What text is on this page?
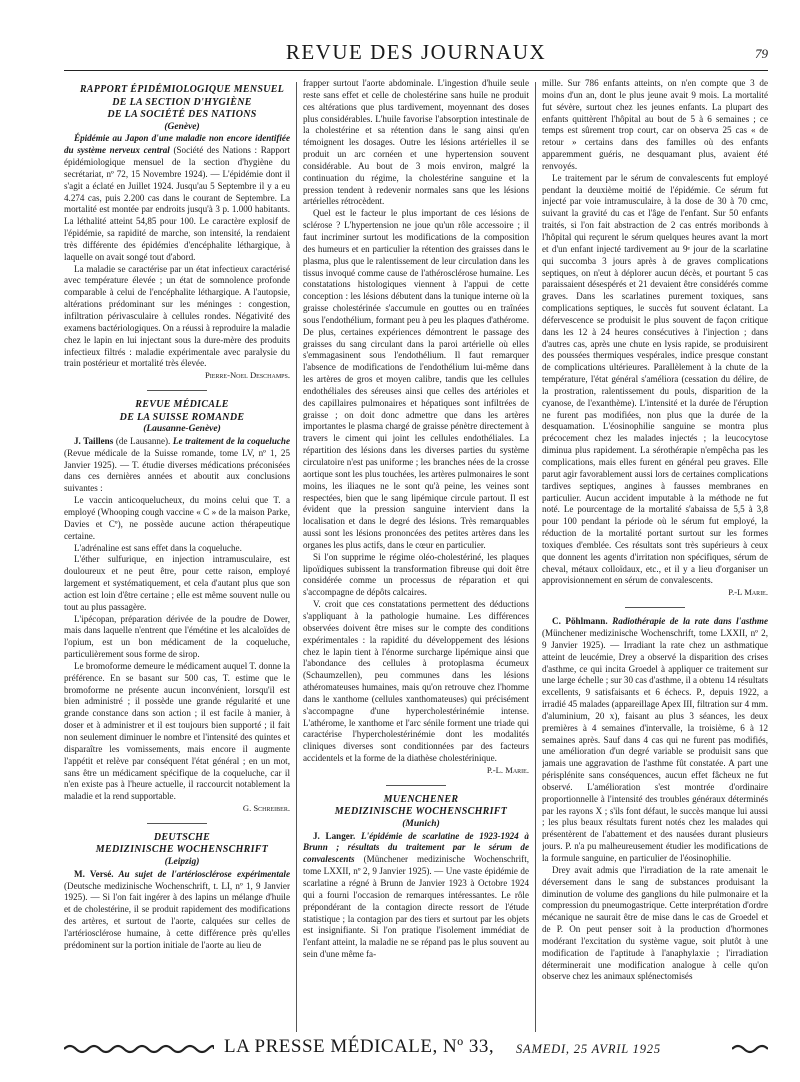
REVUE DES JOURNAUX	79

RAPPORT ÉPIDÉMIOLOGIQUE MENSUEL

DE LA SECTION D'HYGIÈNE

DE LA SOCIÉTÉ DES NATIONS

(Genève)

Épidémie au Japon d'une maladie non encore identifiée du système nerveux central (Société des Nations : Rapport épidémiologique mensuel de la section d'hygiène du secrétariat, nº 72, 15 Novembre 1924). — L'épidémie dont il s'agit a éclaté en Juillet 1924. Jusqu'au 5 Septembre il y a eu 4.274 cas, puis 2.200 cas dans le courant de Septembre. La mortalité est montée par endroits jusqu'à 3 p. 1.000 habitants. La léthalité atteint 54,85 pour 100. Le caractère explosif de l'épidémie, sa rapidité de marche, son intensité, la rendaient très différente des épidémies d'encéphalite léthargique, à laquelle on avait songé tout d'abord.

La maladie se caractérise par un état infectieux caractérisé avec température élevée ; un état de somnolence profonde comparable à celui de l'encéphalite léthargique. A l'autopsie, altérations prédominant sur les méninges : congestion, infiltration périvasculaire à cellules rondes. Négativité des examens bactériologiques. On a réussi à reproduire la maladie chez le lapin en lui injectant sous la dure-mère des produits infectieux filtrés : maladie expérimentale avec paralysie du train postérieur et mortalité très élevée.

Pierre-Noel Deschamps.

REVUE MÉDICALE

DE LA SUISSE ROMANDE

(Lausanne-Genève)

J. Taillens (de Lausanne). Le traitement de la coqueluche (Revue médicale de la Suisse romande, tome LV, nº 1, 25 Janvier 1925). — T. étudie diverses médications préconisées dans ces dernières années et aboutit aux conclusions suivantes :

Le vaccin anticoquelucheux, du moins celui que T. a employé (Whooping cough vaccine « C » de la maison Parke, Davies et Cº), ne possède aucune action thérapeutique certaine.

L'adrénaline est sans effet dans la coqueluche.

L'éther sulfurique, en injection intramusculaire, est douloureux et ne peut être, pour cette raison, employé largement et systématiquement, et cela d'autant plus que son action est loin d'être certaine ; elle est même souvent nulle ou tout au plus passagère.

L'ipécopan, préparation dérivée de la poudre de Dower, mais dans laquelle n'entrent que l'émétine et les alcaloïdes de l'opium, est un bon médicament de la coqueluche, particulièrement sous forme de sirop.

Le bromoforme demeure le médicament auquel T. donne la préférence. En se basant sur 500 cas, T. estime que le bromoforme ne présente aucun inconvénient, lorsqu'il est bien administré ; il possède une grande régularité et une grande constance dans son action ; il est facile à manier, à doser et à administrer et il est toujours bien supporté ; il fait non seulement diminuer le nombre et l'intensité des quintes et disparaître les vomissements, mais encore il augmente l'appétit et relève par conséquent l'état général ; en un mot, sans être un médicament spécifique de la coqueluche, car il n'en existe pas à l'heure actuelle, il raccourcit notablement la maladie et la rend supportable.

G. Schreiber.

DEUTSCHE

MEDIZINISCHE WOCHENSCHRIFT

(Leipzig)

M. Versé. Au sujet de l'artériosclérose expérimentale (Deutsche medizinische Wochenschrift, t. LI, nº 1, 9 Janvier 1925). — Si l'on fait ingérer à des lapins un mélange d'huile et de cholestérine, il se produit rapidement des modifications des artères, et surtout de l'aorte, calquées sur celles de l'artériosclérose humaine, à cette différence près qu'elles prédominent sur la portion initiale de l'aorte au lieu de

frapper surtout l'aorte abdominale. L'ingestion d'huile seule reste sans effet et celle de cholestérine sans huile ne produit ces altérations que plus tardivement, moyennant des doses plus considérables. L'huile favorise l'absorption intestinale de la cholestérine et sa rétention dans le sang ainsi qu'en témoignent les dosages. Outre les lésions artérielles il se produit un arc cornéen et une hypertension souvent considérable. Au bout de 3 mois environ, malgré la continuation du régime, la cholestérine sanguine et la pression tendent à redevenir normales sans que les lésions artérielles rétrocèdent.

Quel est le facteur le plus important de ces lésions de sclérose ? L'hypertension ne joue qu'un rôle accessoire ; il faut incriminer surtout les modifications de la composition des humeurs et en particulier la rétention des graisses dans le plasma, plus que le ralentissement de leur circulation dans les tissus invoqué comme cause de l'athérosclérose humaine. Les constatations histologiques viennent à l'appui de cette conception : les lésions débutent dans la tunique interne où la graisse cholestérinée s'accumule en gouttes ou en traînées sous l'endothélium, formant peu à peu les plaques d'athérome. De plus, certaines expériences démontrent le passage des graisses du sang circulant dans la paroi artérielle où elles s'emmagasinent sous l'endothélium. Il faut remarquer l'absence de modifications de l'endothélium lui-même dans les artères de gros et moyen calibre, tandis que les cellules endothéliales des séreuses ainsi que celles des artérioles et des capillaires pulmonaires et hépatiques sont infiltrées de graisse ; on doit donc admettre que dans les artères importantes le plasma chargé de graisse pénètre directement à travers le ciment qui joint les cellules endothéliales. La répartition des lésions dans les diverses parties du système circulatoire n'est pas uniforme ; les branches nées de la crosse aortique sont les plus touchées, les artères pulmonaires le sont moins, les iliaques ne le sont qu'à peine, les veines sont respectées, bien que le sang lipémique circule partout. Il est évident que la pression sanguine intervient dans la localisation et dans le degré des lésions. Très remarquables aussi sont les lésions prononcées des petites artères dans les organes les plus actifs, dans le cœur en particulier.

Si l'on supprime le régime oléo-cholestériné, les plaques lipoïdiques subissent la transformation fibreuse qui doit être considérée comme un processus de réparation et qui s'accompagne de dépôts calcaires.

V. croit que ces constatations permettent des déductions s'appliquant à la pathologie humaine. Les différences observées doivent être mises sur le compte des conditions expérimentales : la rapidité du développement des lésions chez le lapin tient à l'énorme surcharge lipémique ainsi que l'abondance des cellules à protoplasma écumeux (Schaumzellen), peu communes dans les lésions athéromateuses humaines, mais qu'on retrouve chez l'homme dans le xanthome (cellules xanthomateuses) qui précisément s'accompagne d'une hypercholestérinémie intense. L'athérome, le xanthome et l'arc sénile forment une triade qui caractérise l'hypercholestérinémie dont les modalités cliniques diverses sont conditionnées par des facteurs accidentels et la forme de la diathèse cholestérinique.

P.-L. Marie.

MUENCHENER

MEDIZINISCHE WOCHENSCHRIFT

(Munich)

J. Langer. L'épidémie de scarlatine de 1923-1924 à Brunn ; résultats du traitement par le sérum de convalescents (Münchener medizinische Wochenschrift, tome LXXII, nº 2, 9 Janvier 1925). — Une vaste épidémie de scarlatine a régné à Brunn de Janvier 1923 à Octobre 1924 qui a fourni l'occasion de remarques intéressantes. Le rôle prépondérant de la contagion directe ressort de l'étude statistique ; la contagion par des tiers et surtout par les objets est insignifiante. Si l'on pratique l'isolement immédiat de l'enfant atteint, la maladie ne se répand pas le plus souvent au sein d'une même fa-

mille. Sur 786 enfants atteints, on n'en compte que 3 de moins d'un an, dont le plus jeune avait 9 mois. La mortalité fut sévère, surtout chez les jeunes enfants. La plupart des enfants quittèrent l'hôpital au bout de 5 à 6 semaines ; ce temps est sûrement trop court, car on observa 25 cas « de retour » certains dans des familles où des enfants apparemment guéris, ne desquamant plus, avaient été renvoyés.

Le traitement par le sérum de convalescents fut employé pendant la deuxième moitié de l'épidémie. Ce sérum fut injecté par voie intramusculaire, à la dose de 30 à 70 cmc, suivant la gravité du cas et l'âge de l'enfant. Sur 50 enfants traités, si l'on fait abstraction de 2 cas entrés moribonds à l'hôpital qui reçurent le sérum quelques heures avant la mort et d'un enfant injecté tardivement au 9ᵉ jour de la scarlatine qui succomba 3 jours après à de graves complications septiques, on n'eut à déplorer aucun décès, et pourtant 5 cas paraissaient désespérés et 21 devaient être considérés comme graves. Dans les scarlatines purement toxiques, sans complications septiques, le succès fut souvent éclatant. La défervescence se produisit le plus souvent de façon critique dans les 12 à 24 heures consécutives à l'injection ; dans d'autres cas, après une chute en lysis rapide, se produisirent des poussées thermiques vespérales, indice presque constant de complications ultérieures. Parallèlement à la chute de la température, l'état général s'améliora (cessation du délire, de la prostration, ralentissement du pouls, disparition de la cyanose, de l'exanthème). L'intensité et la durée de l'éruption ne furent pas modifiées, non plus que la durée de la desquamation. L'éosinophilie sanguine se montra plus précocement chez les malades injectés ; la leucocytose diminua plus rapidement. La sérothérapie n'empêcha pas les complications, mais elles furent en général peu graves. Elle parut agir favorablement aussi lors de certaines complications tardives septiques, angines à fausses membranes en particulier. Aucun accident imputable à la méthode ne fut noté. Le pourcentage de la mortalité s'abaissa de 5,5 à 3,8 pour 100 pendant la période où le sérum fut employé, la réduction de la mortalité portant surtout sur les formes toxiques d'emblée. Ces résultats sont très supérieurs à ceux que donnent les agents d'irritation non spécifiques, sérum de cheval, métaux colloïdaux, etc., et il y a lieu d'organiser un approvisionnement en sérum de convalescents.

P.-L Marie.

C. Pöhlmann. Radiothérapie de la rate dans l'asthme (Münchener medizinische Wochenschrift, tome LXXII, nº 2, 9 Janvier 1925). — Irradiant la rate chez un asthmatique atteint de leucémie, Drey a observé la disparition des crises d'asthme, ce qui incita Groedel à appliquer ce traitement sur une large échelle ; sur 30 cas d'asthme, il a obtenu 14 résultats excellents, 9 satisfaisants et 6 échecs. P., depuis 1922, a irradié 45 malades (appareillage Apex III, filtration sur 4 mm. d'aluminium, 20 x), faisant au plus 3 séances, les deux premières à 4 semaines d'intervalle, la troisième, 6 à 12 semaines après. Sauf dans 4 cas qui ne furent pas modifiés, une amélioration d'un degré variable se produisit sans que jamais une aggravation de l'asthme fût constatée. A part une périsplénite sans conséquences, aucun effet fâcheux ne fut observé. L'amélioration s'est montrée d'ordinaire proportionnelle à l'intensité des troubles généraux déterminés par les rayons X ; s'ils font défaut, le succès manque lui aussi ; les plus beaux résultats furent notés chez les malades qui présentèrent de l'abattement et des nausées durant plusieurs jours. P. n'a pu malheureusement étudier les modifications de la formule sanguine, en particulier de l'éosinophilie.

Drey avait admis que l'irradiation de la rate amenait le déversement dans le sang de substances produisant la diminution de volume des ganglions du hile pulmonaire et la compression du pneumogastrique. Cette interprétation d'ordre mécanique ne saurait être de mise dans le cas de Groedel et de P. On peut penser soit à la production d'hormones modérant l'excitation du système vague, soit plutôt à une modification de l'aptitude à l'anaphylaxie ; l'irradiation déterminerait une modification analogue à celle qu'on observe chez les animaux splénectomisés

LA PRESSE MÉDICALE, Nº 33, SAMEDI, 25 AVRIL 1925
